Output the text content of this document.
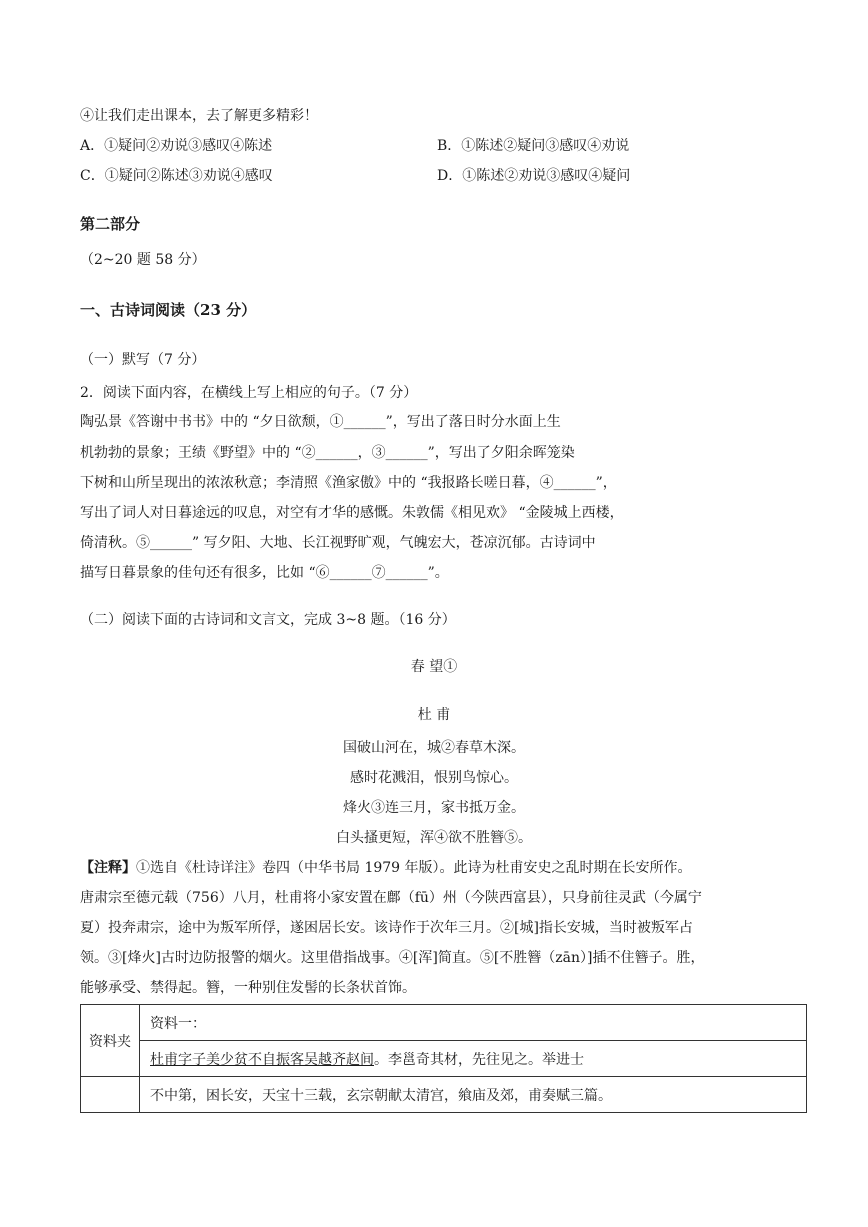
④让我们走出课本，去了解更多精彩！
A．①疑问②劝说③感叹④陈述	B．①陈述②疑问③感叹④劝说
C．①疑问②陈述③劝说④感叹	D．①陈述②劝说③感叹④疑问
第二部分
（2~20 题 58 分）
一、古诗词阅读（23 分）
（一）默写（7 分）
2．阅读下面内容，在横线上写上相应的句子。（7 分）
陶弘景《答谢中书书》中的 “夕日欲颓，①______”，写出了落日时分水面上生
机勃勃的景象；王绩《野望》中的 “②______，③______”，写出了夕阳余晖笼染
下树和山所呈现出的浓浓秋意；李清照《渔家傲》中的 “我报路长嗟日暮，④______”，
写出了词人对日暮途远的叹息，对空有才华的感慨。朱敦儒《相见欢》 “金陵城上西楼，
倚清秋。⑤______” 写夕阳、大地、长江视野旷观，气魄宏大，苍凉沉郁。古诗词中
描写日暮景象的佳句还有很多，比如 “⑥______⑦______”。
（二）阅读下面的古诗词和文言文，完成 3~8 题。（16 分）
春 望①
杜 甫
国破山河在，城②春草木深。
感时花溅泪，恨别鸟惊心。
烽火③连三月，家书抵万金。
白头搔更短，浑④欲不胜簪⑤。
【注释】①选自《杜诗详注》卷四（中华书局 1979 年版）。此诗为杜甫安史之乱时期在长安所作。
唐肃宗至德元载（756）八月，杜甫将小家安置在鄜（fū）州（今陕西富县），只身前往灵武（今属宁
夏）投奔肃宗，途中为叛军所俘，遂困居长安。该诗作于次年三月。②[城]指长安城，当时被叛军占
领。③[烽火]古时边防报警的烟火。这里借指战事。④[浑]简直。⑤[不胜簪（zān）]插不住簪子。胜，
能够承受、禁得起。簪，一种别住发髻的长条状首饰。
资料夹	资料一：
	杜甫字子美少贫不自振客吴越齐赵间。李邕奇其材，先往见之。举进士
	不中第，困长安，天宝十三载，玄宗朝献太清宫，飨庙及郊，甫奏赋三篇。
